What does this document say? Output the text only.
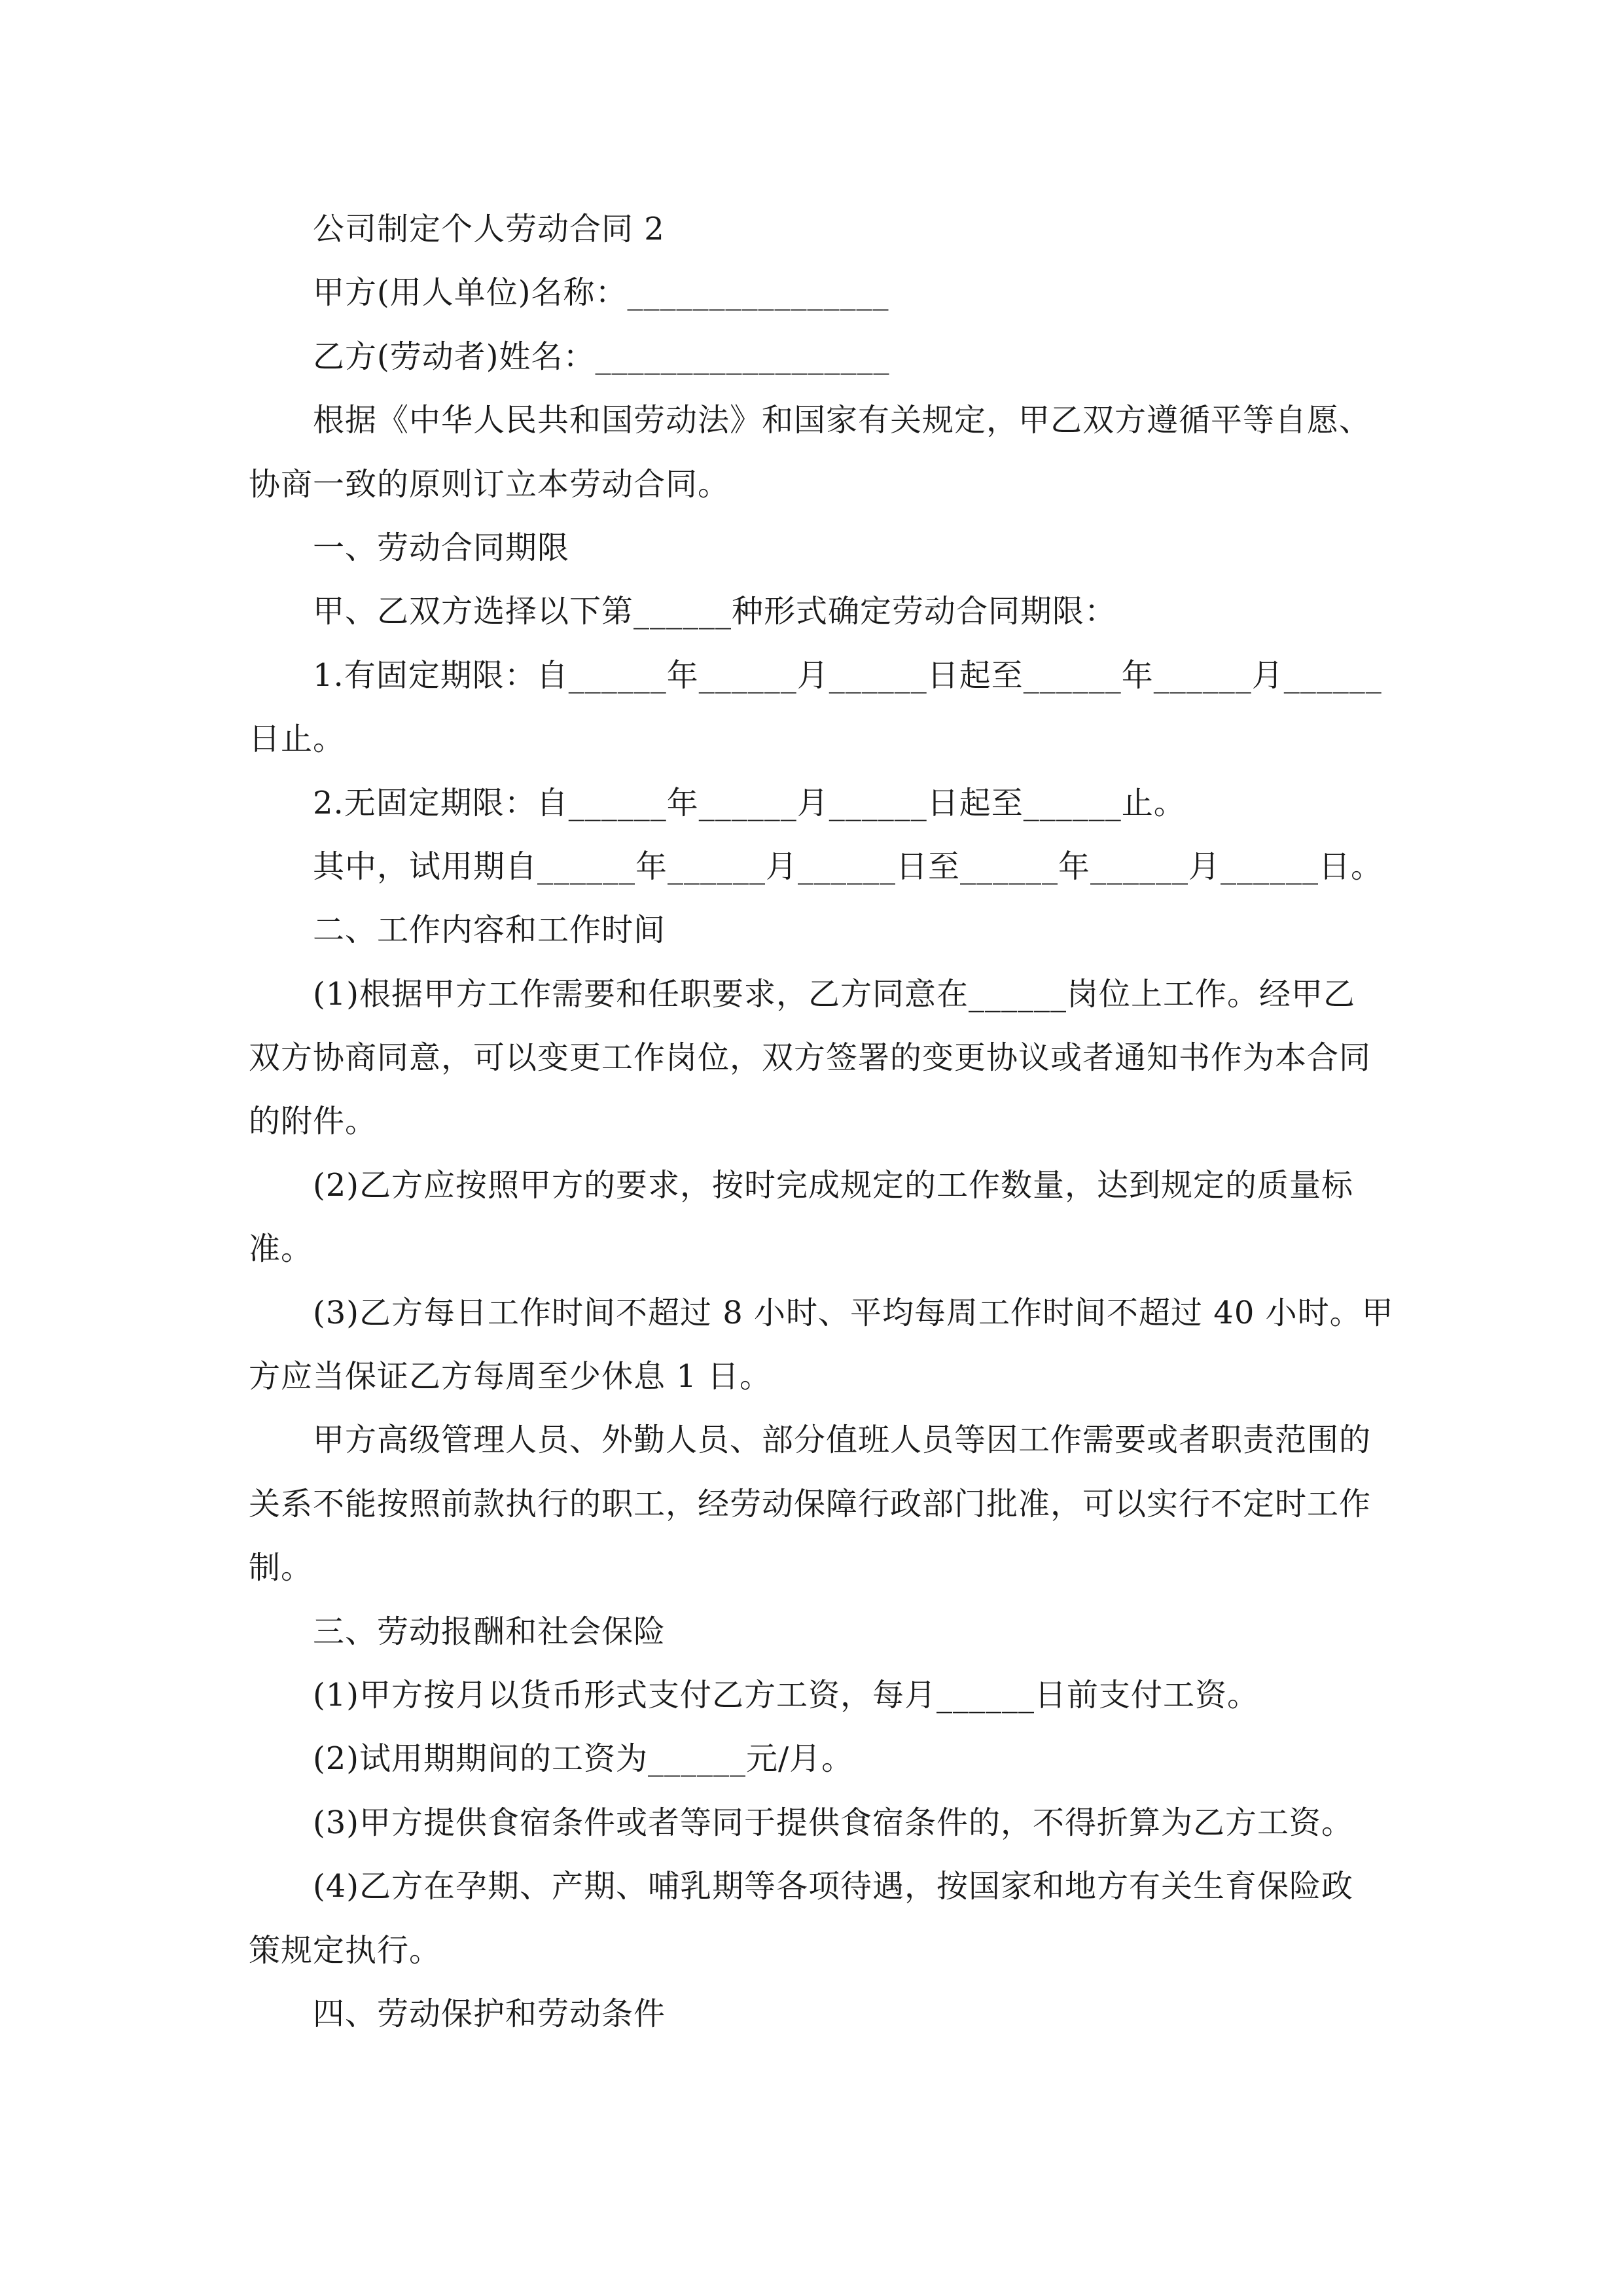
公司制定个人劳动合同 2
甲方(用人单位)名称：________________
乙方(劳动者)姓名：__________________
根据《中华人民共和国劳动法》和国家有关规定，甲乙双方遵循平等自愿、
协商一致的原则订立本劳动合同。
一、劳动合同期限
甲、乙双方选择以下第______种形式确定劳动合同期限：
1.有固定期限：自______年______月______日起至______年______月______
日止。
2.无固定期限：自______年______月______日起至______止。
其中，试用期自______年______月______日至______年______月______日。
二、工作内容和工作时间
(1)根据甲方工作需要和任职要求，乙方同意在______岗位上工作。经甲乙
双方协商同意，可以变更工作岗位，双方签署的变更协议或者通知书作为本合同
的附件。
(2)乙方应按照甲方的要求，按时完成规定的工作数量，达到规定的质量标
准。
(3)乙方每日工作时间不超过 8 小时、平均每周工作时间不超过 40 小时。甲
方应当保证乙方每周至少休息 1 日。
甲方高级管理人员、外勤人员、部分值班人员等因工作需要或者职责范围的
关系不能按照前款执行的职工，经劳动保障行政部门批准，可以实行不定时工作
制。
三、劳动报酬和社会保险
(1)甲方按月以货币形式支付乙方工资，每月______日前支付工资。
(2)试用期期间的工资为______元/月。
(3)甲方提供食宿条件或者等同于提供食宿条件的，不得折算为乙方工资。
(4)乙方在孕期、产期、哺乳期等各项待遇，按国家和地方有关生育保险政
策规定执行。
四、劳动保护和劳动条件
